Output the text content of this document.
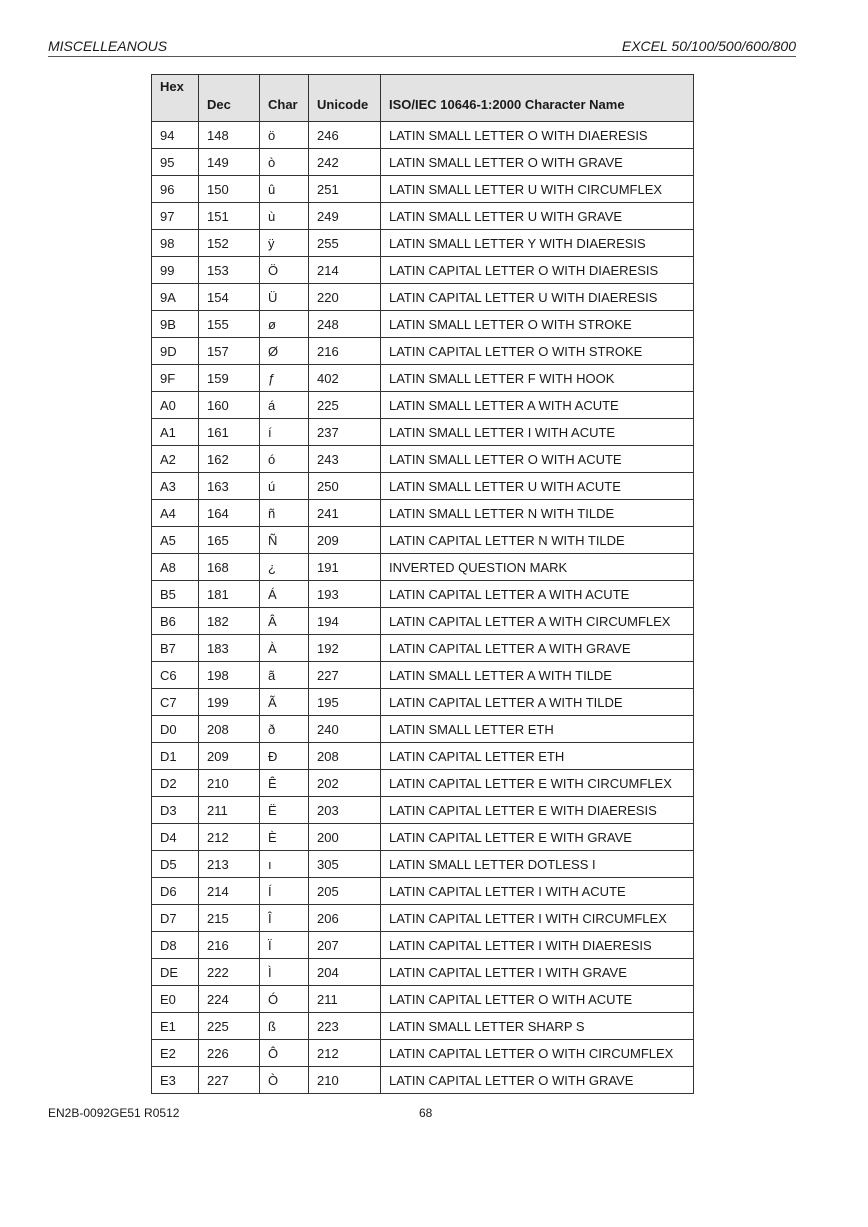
MISCELLEANOUS	EXCEL 50/100/500/600/800
Hex	Dec	Char	Unicode	ISO/IEC 10646-1:2000 Character Name
94	148	ö	246	LATIN SMALL LETTER O WITH DIAERESIS
95	149	ò	242	LATIN SMALL LETTER O WITH GRAVE
96	150	û	251	LATIN SMALL LETTER U WITH CIRCUMFLEX
97	151	ù	249	LATIN SMALL LETTER U WITH GRAVE
98	152	ÿ	255	LATIN SMALL LETTER Y WITH DIAERESIS
99	153	Ö	214	LATIN CAPITAL LETTER O WITH DIAERESIS
9A	154	Ü	220	LATIN CAPITAL LETTER U WITH DIAERESIS
9B	155	ø	248	LATIN SMALL LETTER O WITH STROKE
9D	157	Ø	216	LATIN CAPITAL LETTER O WITH STROKE
9F	159	ƒ	402	LATIN SMALL LETTER F WITH HOOK
A0	160	á	225	LATIN SMALL LETTER A WITH ACUTE
A1	161	í	237	LATIN SMALL LETTER I WITH ACUTE
A2	162	ó	243	LATIN SMALL LETTER O WITH ACUTE
A3	163	ú	250	LATIN SMALL LETTER U WITH ACUTE
A4	164	ñ	241	LATIN SMALL LETTER N WITH TILDE
A5	165	Ñ	209	LATIN CAPITAL LETTER N WITH TILDE
A8	168	¿	191	INVERTED QUESTION MARK
B5	181	Á	193	LATIN CAPITAL LETTER A WITH ACUTE
B6	182	Â	194	LATIN CAPITAL LETTER A WITH CIRCUMFLEX
B7	183	À	192	LATIN CAPITAL LETTER A WITH GRAVE
C6	198	ã	227	LATIN SMALL LETTER A WITH TILDE
C7	199	Ã	195	LATIN CAPITAL LETTER A WITH TILDE
D0	208	ð	240	LATIN SMALL LETTER ETH
D1	209	Ð	208	LATIN CAPITAL LETTER ETH
D2	210	Ê	202	LATIN CAPITAL LETTER E WITH CIRCUMFLEX
D3	211	Ë	203	LATIN CAPITAL LETTER E WITH DIAERESIS
D4	212	È	200	LATIN CAPITAL LETTER E WITH GRAVE
D5	213	ı	305	LATIN SMALL LETTER DOTLESS I
D6	214	Í	205	LATIN CAPITAL LETTER I WITH ACUTE
D7	215	Î	206	LATIN CAPITAL LETTER I WITH CIRCUMFLEX
D8	216	Ï	207	LATIN CAPITAL LETTER I WITH DIAERESIS
DE	222	Ì	204	LATIN CAPITAL LETTER I WITH GRAVE
E0	224	Ó	211	LATIN CAPITAL LETTER O WITH ACUTE
E1	225	ß	223	LATIN SMALL LETTER SHARP S
E2	226	Ô	212	LATIN CAPITAL LETTER O WITH CIRCUMFLEX
E3	227	Ò	210	LATIN CAPITAL LETTER O WITH GRAVE
EN2B-0092GE51 R0512	68
